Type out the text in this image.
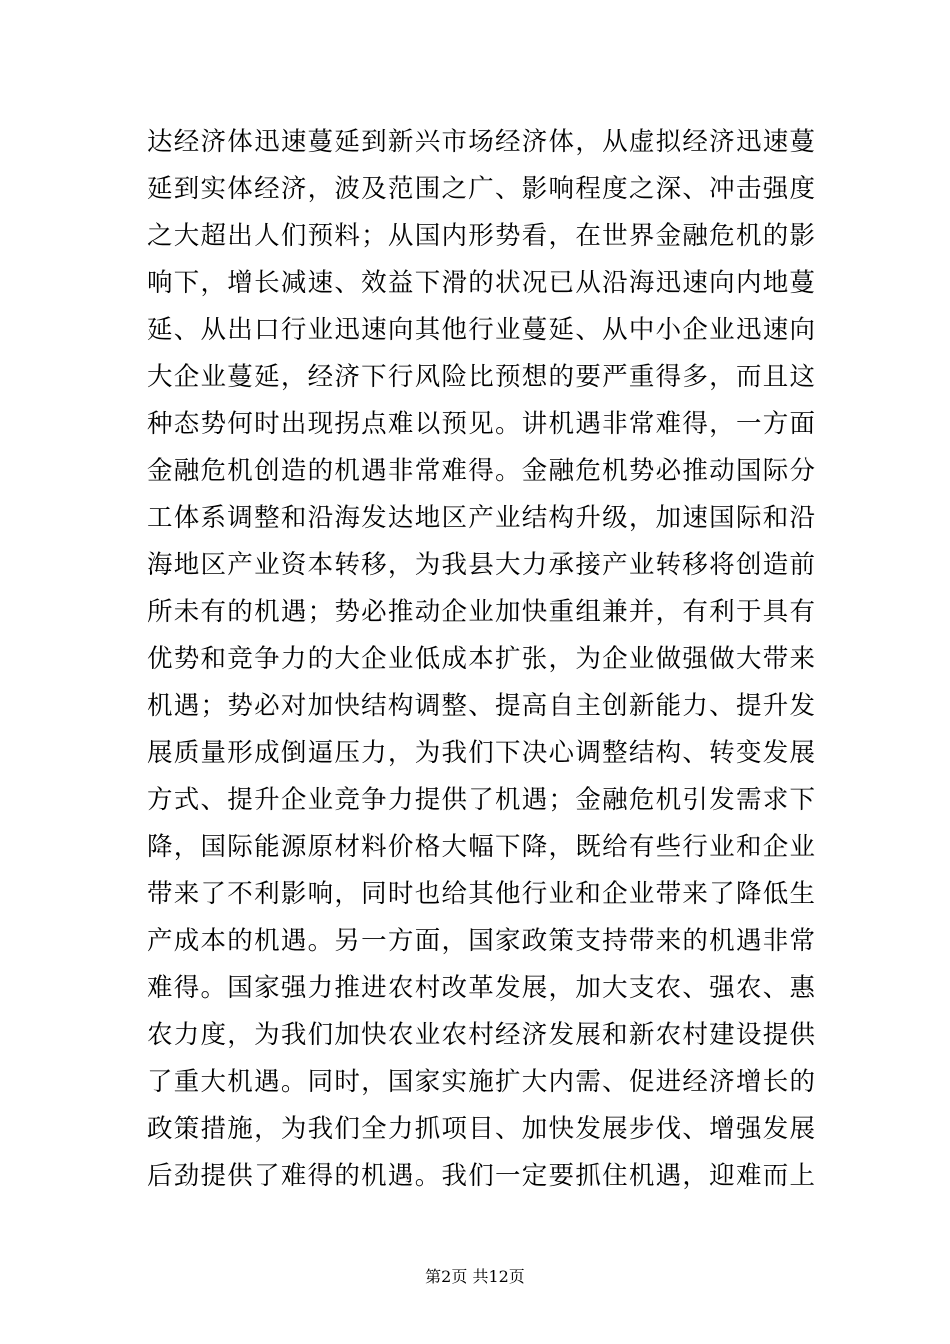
达经济体迅速蔓延到新兴市场经济体，从虚拟经济迅速蔓
延到实体经济，波及范围之广、影响程度之深、冲击强度
之大超出人们预料；从国内形势看，在世界金融危机的影
响下，增长减速、效益下滑的状况已从沿海迅速向内地蔓
延、从出口行业迅速向其他行业蔓延、从中小企业迅速向
大企业蔓延，经济下行风险比预想的要严重得多，而且这
种态势何时出现拐点难以预见。讲机遇非常难得，一方面
金融危机创造的机遇非常难得。金融危机势必推动国际分
工体系调整和沿海发达地区产业结构升级，加速国际和沿
海地区产业资本转移，为我县大力承接产业转移将创造前
所未有的机遇；势必推动企业加快重组兼并，有利于具有
优势和竞争力的大企业低成本扩张，为企业做强做大带来
机遇；势必对加快结构调整、提高自主创新能力、提升发
展质量形成倒逼压力，为我们下决心调整结构、转变发展
方式、提升企业竞争力提供了机遇；金融危机引发需求下
降，国际能源原材料价格大幅下降，既给有些行业和企业
带来了不利影响，同时也给其他行业和企业带来了降低生
产成本的机遇。另一方面，国家政策支持带来的机遇非常
难得。国家强力推进农村改革发展，加大支农、强农、惠
农力度，为我们加快农业农村经济发展和新农村建设提供
了重大机遇。同时，国家实施扩大内需、促进经济增长的
政策措施，为我们全力抓项目、加快发展步伐、增强发展
后劲提供了难得的机遇。我们一定要抓住机遇，迎难而上
第2页 共12页
